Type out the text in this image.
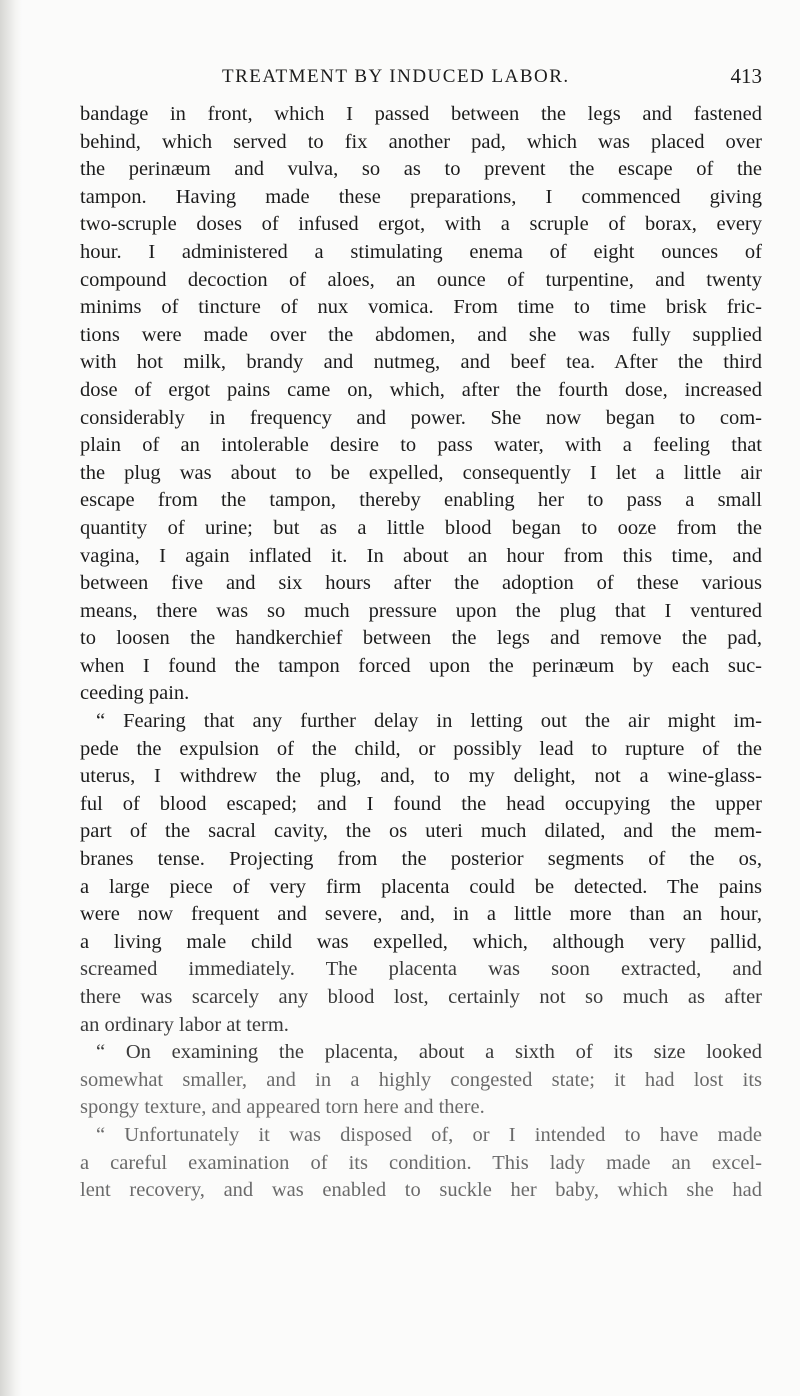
TREATMENT BY INDUCED LABOR.	413
bandage in front, which I passed between the legs and fastened
behind, which served to fix another pad, which was placed over
the perinæum and vulva, so as to prevent the escape of the
tampon. Having made these preparations, I commenced giving
two-scruple doses of infused ergot, with a scruple of borax, every
hour. I administered a stimulating enema of eight ounces of
compound decoction of aloes, an ounce of turpentine, and twenty
minims of tincture of nux vomica. From time to time brisk fric-
tions were made over the abdomen, and she was fully supplied
with hot milk, brandy and nutmeg, and beef tea. After the third
dose of ergot pains came on, which, after the fourth dose, increased
considerably in frequency and power. She now began to com-
plain of an intolerable desire to pass water, with a feeling that
the plug was about to be expelled, consequently I let a little air
escape from the tampon, thereby enabling her to pass a small
quantity of urine; but as a little blood began to ooze from the
vagina, I again inflated it. In about an hour from this time, and
between five and six hours after the adoption of these various
means, there was so much pressure upon the plug that I ventured
to loosen the handkerchief between the legs and remove the pad,
when I found the tampon forced upon the perinæum by each suc-
ceeding pain.
“ Fearing that any further delay in letting out the air might im-
pede the expulsion of the child, or possibly lead to rupture of the
uterus, I withdrew the plug, and, to my delight, not a wine-glass-
ful of blood escaped; and I found the head occupying the upper
part of the sacral cavity, the os uteri much dilated, and the mem-
branes tense. Projecting from the posterior segments of the os,
a large piece of very firm placenta could be detected. The pains
were now frequent and severe, and, in a little more than an hour,
a living male child was expelled, which, although very pallid,
screamed immediately. The placenta was soon extracted, and
there was scarcely any blood lost, certainly not so much as after
an ordinary labor at term.
“ On examining the placenta, about a sixth of its size looked
somewhat smaller, and in a highly congested state; it had lost its
spongy texture, and appeared torn here and there.
“ Unfortunately it was disposed of, or I intended to have made
a careful examination of its condition. This lady made an excel-
lent recovery, and was enabled to suckle her baby, which she had
